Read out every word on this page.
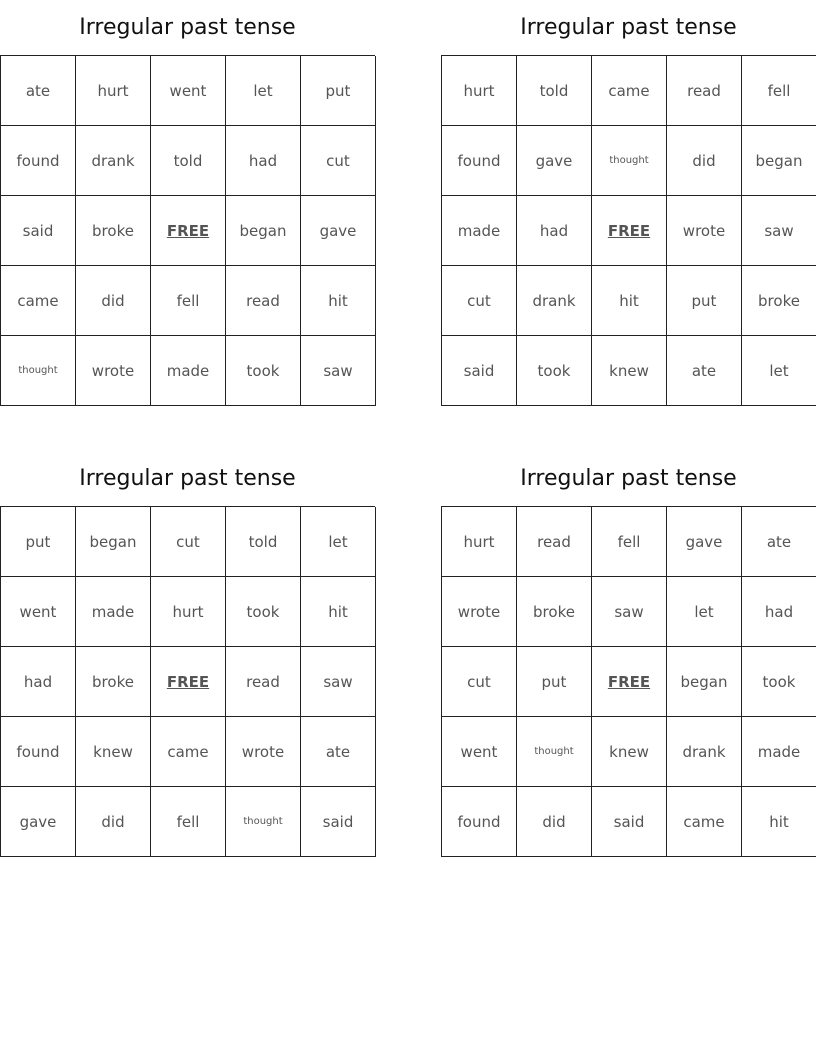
Irregular past tense
ate	hurt	went	let	put
found	drank	told	had	cut
said	broke	FREE	began	gave
came	did	fell	read	hit
thought	wrote	made	took	saw
Irregular past tense
hurt	told	came	read	fell
found	gave	thought	did	began
made	had	FREE	wrote	saw
cut	drank	hit	put	broke
said	took	knew	ate	let
Irregular past tense
put	began	cut	told	let
went	made	hurt	took	hit
had	broke	FREE	read	saw
found	knew	came	wrote	ate
gave	did	fell	thought	said
Irregular past tense
hurt	read	fell	gave	ate
wrote	broke	saw	let	had
cut	put	FREE	began	took
went	thought	knew	drank	made
found	did	said	came	hit
